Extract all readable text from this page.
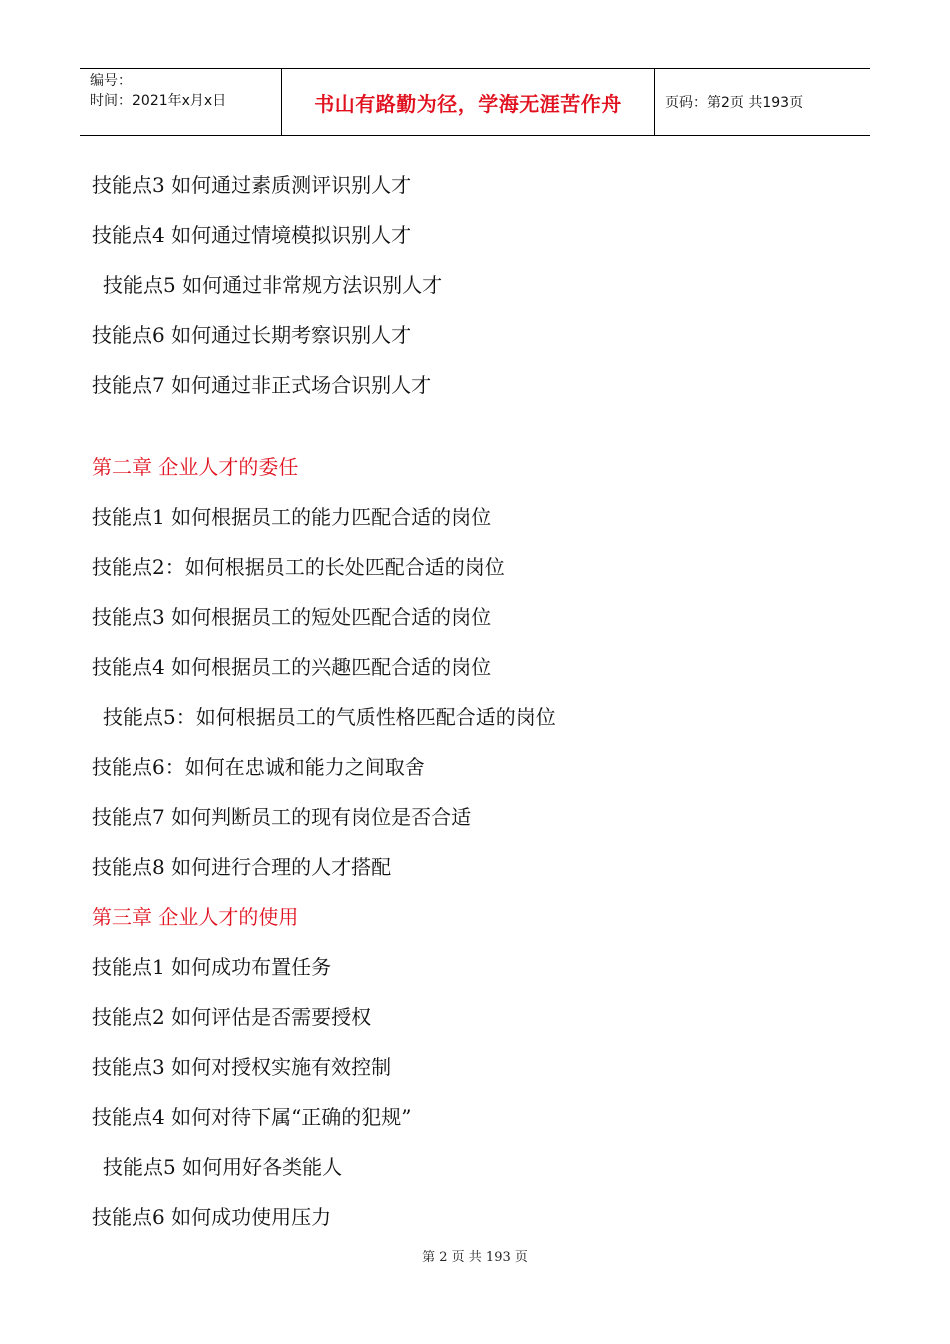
编号：
时间：2021年x月x日	书山有路勤为径，学海无涯苦作舟	页码：第2页 共193页
技能点3 如何通过素质测评识别人才
技能点4 如何通过情境模拟识别人才
技能点5 如何通过非常规方法识别人才
技能点6 如何通过长期考察识别人才
技能点7 如何通过非正式场合识别人才
第二章 企业人才的委任
技能点1 如何根据员工的能力匹配合适的岗位
技能点2：如何根据员工的长处匹配合适的岗位
技能点3 如何根据员工的短处匹配合适的岗位
技能点4 如何根据员工的兴趣匹配合适的岗位
技能点5：如何根据员工的气质性格匹配合适的岗位
技能点6：如何在忠诚和能力之间取舍
技能点7 如何判断员工的现有岗位是否合适
技能点8 如何进行合理的人才搭配
第三章 企业人才的使用
技能点1 如何成功布置任务
技能点2 如何评估是否需要授权
技能点3 如何对授权实施有效控制
技能点4 如何对待下属“正确的犯规”
技能点5 如何用好各类能人
技能点6 如何成功使用压力
第 2 页 共 193 页
